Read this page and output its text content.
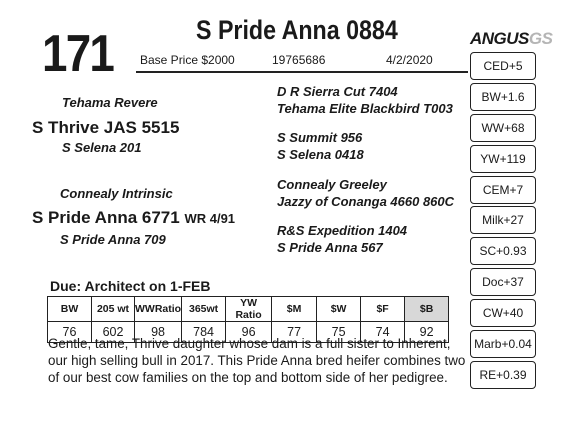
171	S Pride Anna 0884
Base Price $2000	19765686	4/2/2020
ANGUSGS
Tehama Revere
S Thrive JAS 5515
S Selena 201
Connealy Intrinsic
S Pride Anna 6771 WR 4/91
S Pride Anna 709
D R Sierra Cut 7404
Tehama Elite Blackbird T003
S Summit 956
S Selena 0418
Connealy Greeley
Jazzy of Conanga 4660 860C
R&S Expedition 1404
S Pride Anna 567
CED+5
BW+1.6
WW+68
YW+119
CEM+7
Milk+27
SC+0.93
Doc+37
CW+40
Marb+0.04
RE+0.39
Due: Architect on 1-FEB
BW	205 wt	WWRatio	365wt	YW Ratio	$M	$W	$F	$B
76	602	98	784	96	77	75	74	92
Gentle, tame, Thrive daughter whose dam is a full sister to Inherent, our high selling bull in 2017. This Pride Anna bred heifer combines two of our best cow families on the top and bottom side of her pedigree.
